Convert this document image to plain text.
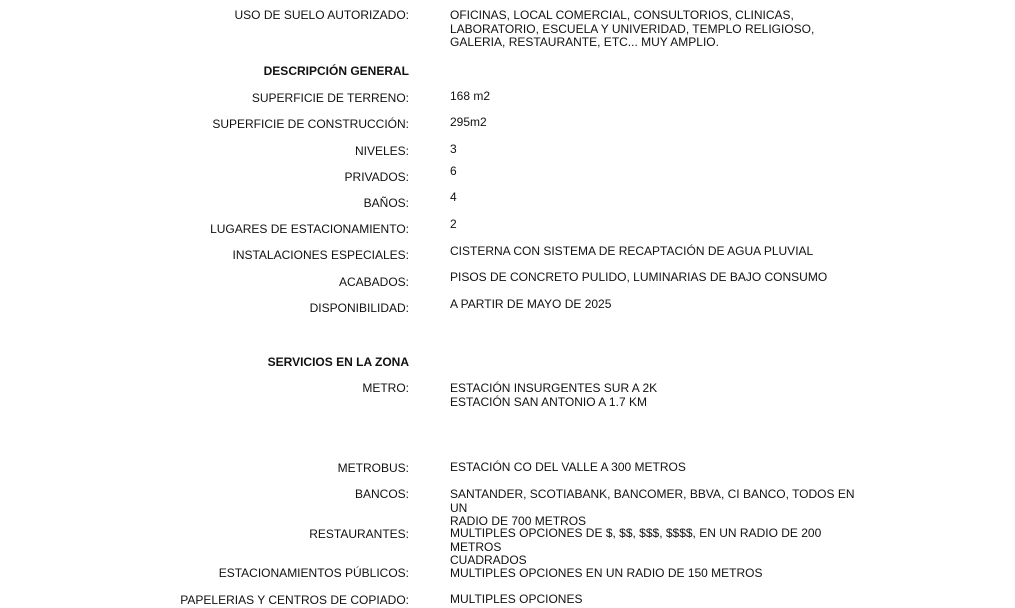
USO DE SUELO AUTORIZADO:	OFICINAS, LOCAL COMERCIAL, CONSULTORIOS, CLINICAS,
LABORATORIO, ESCUELA Y UNIVERIDAD, TEMPLO RELIGIOSO,
GALERIA, RESTAURANTE, ETC... MUY AMPLIO.
DESCRIPCIÓN GENERAL
SUPERFICIE DE TERRENO:	168 m2
SUPERFICIE DE CONSTRUCCIÓN:	295m2
NIVELES:	3
PRIVADOS:	6
BAÑOS:	4
LUGARES DE ESTACIONAMIENTO:	2
INSTALACIONES ESPECIALES:	CISTERNA CON SISTEMA DE RECAPTACIÓN DE AGUA PLUVIAL
ACABADOS:	PISOS DE CONCRETO PULIDO, LUMINARIAS DE BAJO CONSUMO
DISPONIBILIDAD:	A PARTIR DE MAYO DE 2025
SERVICIOS EN LA ZONA
METRO:	ESTACIÓN INSURGENTES SUR A 2K
ESTACIÓN SAN ANTONIO A 1.7 KM
METROBUS:	ESTACIÓN CO DEL VALLE A 300 METROS
BANCOS:	SANTANDER, SCOTIABANK, BANCOMER, BBVA, CI BANCO, TODOS EN UN
RADIO DE 700 METROS
RESTAURANTES:	MULTIPLES OPCIONES DE $, $$, $$$, $$$$, EN UN RADIO DE 200 METROS
CUADRADOS
ESTACIONAMIENTOS PÚBLICOS:	MULTIPLES OPCIONES EN UN RADIO DE 150 METROS
PAPELERIAS Y CENTROS DE COPIADO:	MULTIPLES OPCIONES
